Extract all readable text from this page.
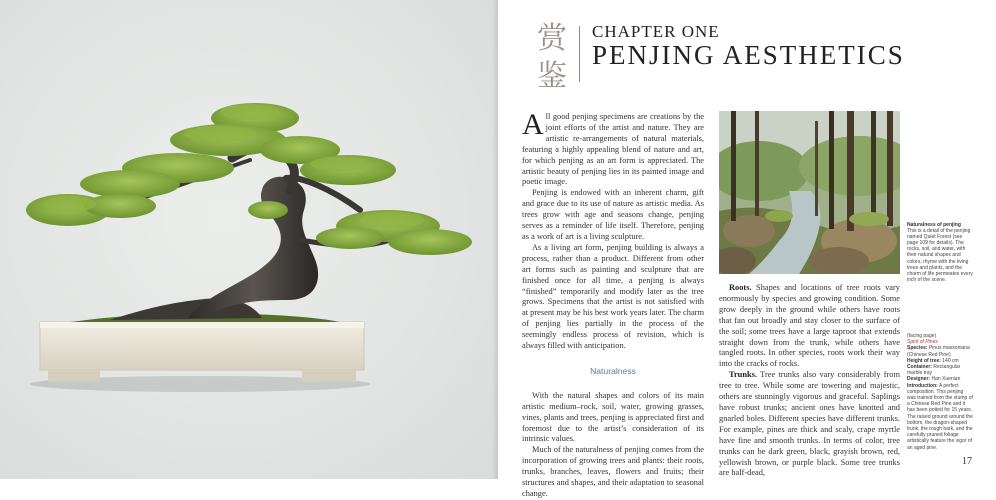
赏
鉴
CHAPTER ONE
PENJING AESTHETICS

All good penjing specimens are creations by the joint efforts of the artist and nature. They are artistic re-arrangements of natural materials, featuring a highly appealing blend of nature and art, for which penjing as an art form is appreciated. The artistic beauty of penjing lies in its painted image and poetic image.

Penjing is endowed with an inherent charm, gift and grace due to its use of nature as artistic media. As trees grow with age and seasons change, penjing serves as a reminder of life itself. Therefore, penjing as a work of art is a living sculpture.

As a living art form, penjing building is always a process, rather than a product. Different from other art forms such as painting and sculpture that are finished once for all time, a penjing is always “finished” temporarily and modify later as the tree grows. Specimens that the artist is not satisfied with at present may be his best work years later. The charm of penjing lies partially in the process of the seemingly endless process of revision, which is always filled with anticipation.

Naturalness

With the natural shapes and colors of its main artistic medium–rock, soil, water, growing grasses, vines, plants and trees, penjing is appreciated first and foremost due to the artist’s consideration of its intrinsic values.

Much of the naturalness of penjing comes from the incorporation of growing trees and plants: their roots, trunks, branches, leaves, flowers and fruits; their structures and shapes, and their adaptation to seasonal change.

Naturalness of penjing
This is a detail of the penjing named Quiet Forest (see page 109 for details). The rocks, soil, and water, with their natural shapes and colors, rhyme with the living trees and plants, and the charm of life permeates every inch of the scene.

Roots. Shapes and locations of tree roots vary enormously by species and growing condition. Some grow deeply in the ground while others have roots that fan out broadly and stay closer to the surface of the soil; some trees have a large taproot that extends straight down from the trunk, while others have tangled roots. In other species, roots work their way into the cracks of rocks.

Trunks. Tree trunks also vary considerably from tree to tree. While some are towering and majestic, others are stunningly vigorous and graceful. Saplings have robust trunks; ancient ones have knotted and gnarled boles. Different species have different trunks. For example, pines are thick and scaly, crape myrtle have fine and smooth trunks. In terms of color, tree trunks can be dark green, black, grayish brown, red, yellowish brown, or purple black. Some tree trunks are half-dead,

(facing page)
Spirit of Pines
Species: Pinus massoniana (Chinese Red Pine)
Height of tree: 140 cm
Container: Rectangular marble tray
Designer: Han Xuenian
Introduction: A perfect composition. This penjing was trained from the stump of a Chinese Red Pine and it has been potted for 15 years. The raised ground around the bottom, the dragon-shaped trunk, the rough bark, and the carefully pruned foliage artistically feature the vigor of an aged pine.
17
